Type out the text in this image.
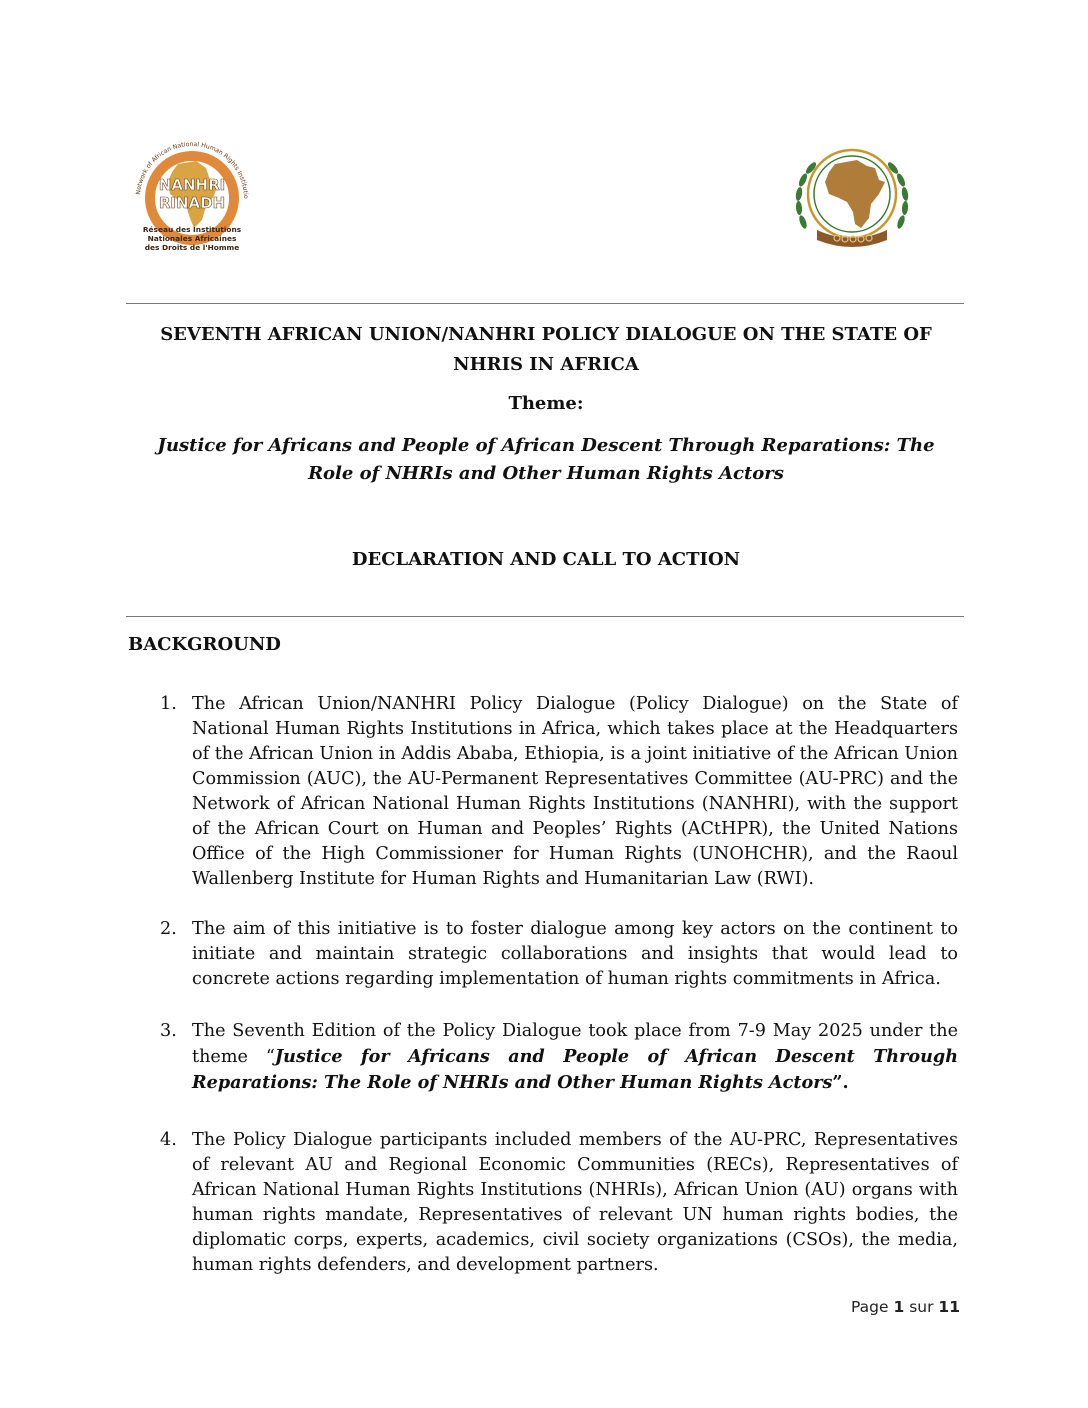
Network of African National Human Rights Institutio
NANHRI
RINADH
Réseau des Institutions
Nationales Africaines
des Droits de l'Homme
SEVENTH AFRICAN UNION/NANHRI POLICY DIALOGUE ON THE STATE OF NHRIS IN AFRICA

Theme:

Justice for Africans and People of African Descent Through Reparations: The Role of NHRIs and Other Human Rights Actors

DECLARATION AND CALL TO ACTION

BACKGROUND
1. The African Union/NANHRI Policy Dialogue (Policy Dialogue) on the State of National Human Rights Institutions in Africa, which takes place at the Headquarters of the African Union in Addis Ababa, Ethiopia, is a joint initiative of the African Union Commission (AUC), the AU-Permanent Representatives Committee (AU-PRC) and the Network of African National Human Rights Institutions (NANHRI), with the support of the African Court on Human and Peoples’ Rights (ACtHPR), the United Nations Office of the High Commissioner for Human Rights (UNOHCHR), and the Raoul Wallenberg Institute for Human Rights and Humanitarian Law (RWI).

2. The aim of this initiative is to foster dialogue among key actors on the continent to initiate and maintain strategic collaborations and insights that would lead to concrete actions regarding implementation of human rights commitments in Africa.

3. The Seventh Edition of the Policy Dialogue took place from 7-9 May 2025 under the theme “Justice for Africans and People of African Descent Through Reparations: The Role of NHRIs and Other Human Rights Actors”.

4. The Policy Dialogue participants included members of the AU-PRC, Representatives of relevant AU and Regional Economic Communities (RECs), Representatives of African National Human Rights Institutions (NHRIs), African Union (AU) organs with human rights mandate, Representatives of relevant UN human rights bodies, the diplomatic corps, experts, academics, civil society organizations (CSOs), the media, human rights defenders, and development partners.

Page 1 sur 11
